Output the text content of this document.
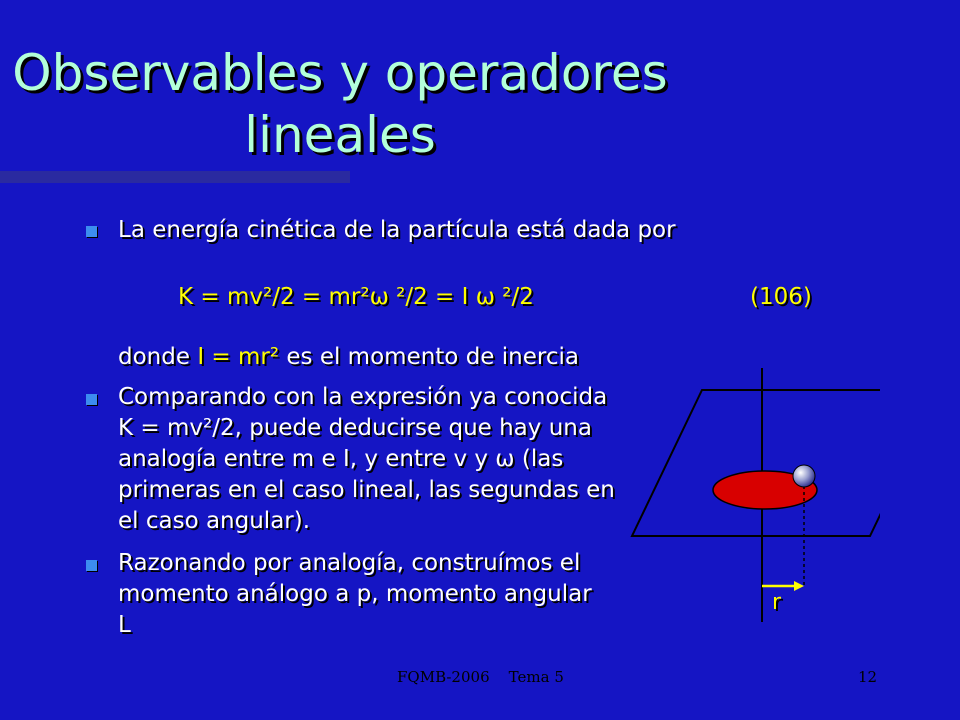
Observables y operadores
lineales
La energía cinética de la partícula está dada por
K = mv²/2 = mr²ω ²/2 = I ω ²/2	(106)
donde I = mr² es el momento de inercia
Comparando con la expresión ya conocida
K = mv²/2, puede deducirse que hay una
analogía entre m e I, y entre v y ω (las
primeras en el caso lineal, las segundas en
el caso angular).
Razonando por analogía, construímos el
momento análogo a p, momento angular
L
r
FQMB-2006    Tema 5	12
